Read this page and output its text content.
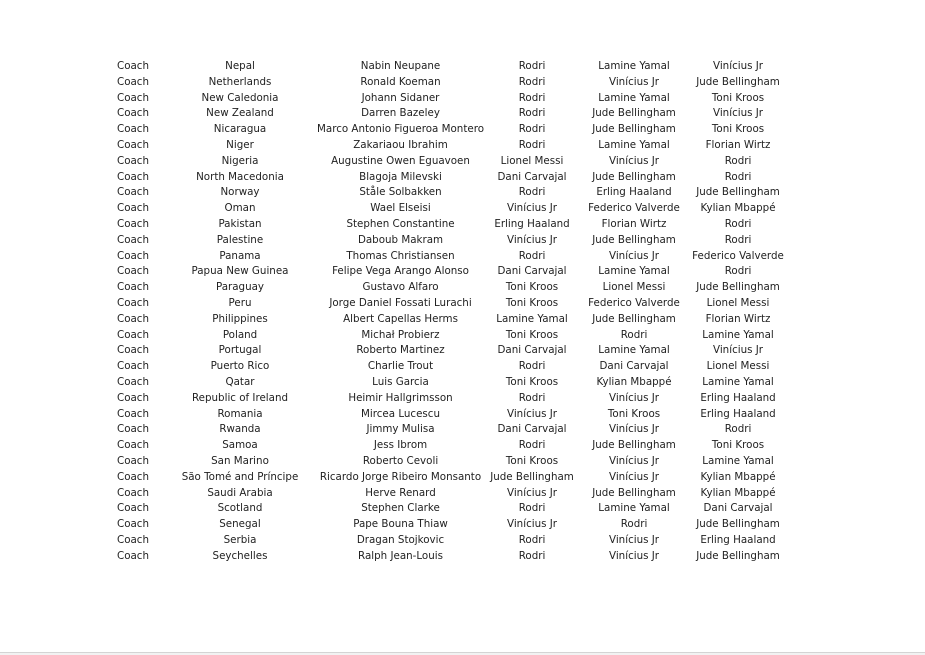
Coach	Nepal	Nabin Neupane	Rodri	Lamine Yamal	Vinícius Jr
Coach	Netherlands	Ronald Koeman	Rodri	Vinícius Jr	Jude Bellingham
Coach	New Caledonia	Johann Sidaner	Rodri	Lamine Yamal	Toni Kroos
Coach	New Zealand	Darren Bazeley	Rodri	Jude Bellingham	Vinícius Jr
Coach	Nicaragua	Marco Antonio Figueroa Montero	Rodri	Jude Bellingham	Toni Kroos
Coach	Niger	Zakariaou Ibrahim	Rodri	Lamine Yamal	Florian Wirtz
Coach	Nigeria	Augustine Owen Eguavoen	Lionel Messi	Vinícius Jr	Rodri
Coach	North Macedonia	Blagoja Milevski	Dani Carvajal	Jude Bellingham	Rodri
Coach	Norway	Ståle Solbakken	Rodri	Erling Haaland	Jude Bellingham
Coach	Oman	Wael Elseisi	Vinícius Jr	Federico Valverde	Kylian Mbappé
Coach	Pakistan	Stephen Constantine	Erling Haaland	Florian Wirtz	Rodri
Coach	Palestine	Daboub Makram	Vinícius Jr	Jude Bellingham	Rodri
Coach	Panama	Thomas Christiansen	Rodri	Vinícius Jr	Federico Valverde
Coach	Papua New Guinea	Felipe Vega Arango Alonso	Dani Carvajal	Lamine Yamal	Rodri
Coach	Paraguay	Gustavo Alfaro	Toni Kroos	Lionel Messi	Jude Bellingham
Coach	Peru	Jorge Daniel Fossati Lurachi	Toni Kroos	Federico Valverde	Lionel Messi
Coach	Philippines	Albert Capellas Herms	Lamine Yamal	Jude Bellingham	Florian Wirtz
Coach	Poland	Michał Probierz	Toni Kroos	Rodri	Lamine Yamal
Coach	Portugal	Roberto Martinez	Dani Carvajal	Lamine Yamal	Vinícius Jr
Coach	Puerto Rico	Charlie Trout	Rodri	Dani Carvajal	Lionel Messi
Coach	Qatar	Luis Garcia	Toni Kroos	Kylian Mbappé	Lamine Yamal
Coach	Republic of Ireland	Heimir Hallgrimsson	Rodri	Vinícius Jr	Erling Haaland
Coach	Romania	Mircea Lucescu	Vinícius Jr	Toni Kroos	Erling Haaland
Coach	Rwanda	Jimmy Mulisa	Dani Carvajal	Vinícius Jr	Rodri
Coach	Samoa	Jess Ibrom	Rodri	Jude Bellingham	Toni Kroos
Coach	San Marino	Roberto Cevoli	Toni Kroos	Vinícius Jr	Lamine Yamal
Coach	São Tomé and Príncipe	Ricardo Jorge Ribeiro Monsanto	Jude Bellingham	Vinícius Jr	Kylian Mbappé
Coach	Saudi Arabia	Herve Renard	Vinícius Jr	Jude Bellingham	Kylian Mbappé
Coach	Scotland	Stephen Clarke	Rodri	Lamine Yamal	Dani Carvajal
Coach	Senegal	Pape Bouna Thiaw	Vinícius Jr	Rodri	Jude Bellingham
Coach	Serbia	Dragan Stojkovic	Rodri	Vinícius Jr	Erling Haaland
Coach	Seychelles	Ralph Jean-Louis	Rodri	Vinícius Jr	Jude Bellingham
